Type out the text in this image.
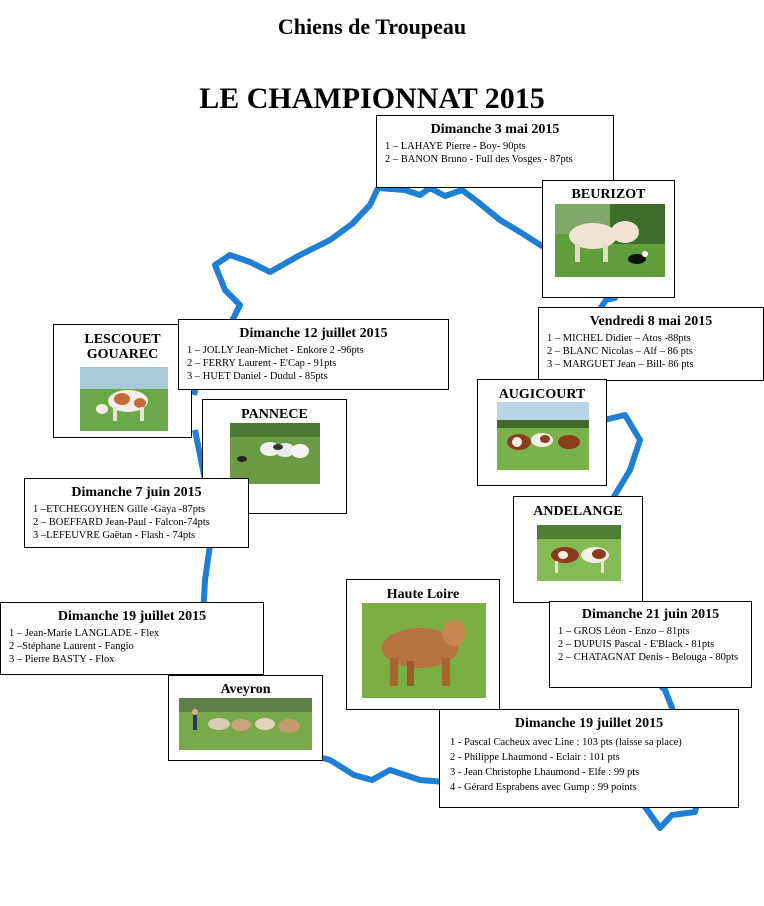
Chiens de Troupeau
LE CHAMPIONNAT 2015
Dimanche 3 mai 2015
1 – LAHAYE Pierre - Boy- 90pts
2 – BANON Bruno - Full des Vosges - 87pts
BEURIZOT
Vendredi 8 mai 2015
1 – MICHEL Didier – Atos -88pts
2 – BLANC Nicolas – Alf – 86 pts
3 – MARGUET Jean – Bill- 86 pts
LESCOUET GOUAREC
Dimanche 12 juillet 2015
1 – JOLLY Jean-Michet - Enkore 2 -96pts
2 – FERRY Laurent - E'Cap - 91pts
3 – HUET Daniel - Dudul - 85pts
PANNECE
AUGICOURT
Dimanche 7 juin 2015
1 –ETCHEGOYHEN Gille -Gaya -87pts
2 – BOEFFARD Jean-Paul - Falcon-74pts
3 –LEFEUVRE Gaëtan - Flash - 74pts
ANDELANGE
Haute Loire
Dimanche 19 juillet 2015
1 – Jean-Marie LANGLADE - Flex
2 –Stéphane Laurent - Fangio
3 – Pierre BASTY - Flox
Dimanche 21 juin 2015
1 – GROS Léon - Enzo – 81pts
2 – DUPUIS Pascal - E'Black - 81pts
2 – CHATAGNAT Denis - Belouga - 80pts
Aveyron
Dimanche 19 juillet 2015
1 - Pascal Cacheux avec Line : 103 pts (laisse sa place)
2 - Philippe Lhaumond - Eclair : 101 pts
3 - Jean Christophe Lhaumond - Elfe : 99 pts
4 - Gérard Esprabens avec Gump : 99 points
